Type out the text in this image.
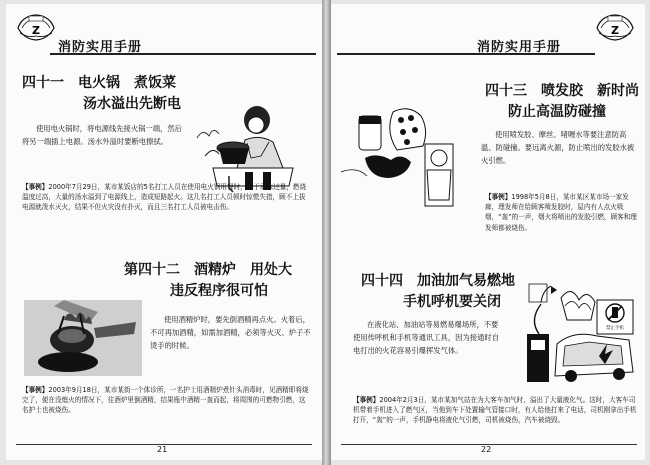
Z
消防实用手册
四十一　电火锅　煮饭菜
汤水溢出先断电

使用电火锅时，将电源线先接火锅一端，然后将另一端插上电源。汤水外溢时要断电擦拭。

【事例】2000年7月29日，某市某饭店的5名打工人员在使用电火锅用餐时，由于添水过量，燃烧温度过高，大量的汤水溢到了电源线上，造成短路起火。这几名打工人员顿时惊慌失措，顾不上拔电源就泼水灭火，结果不但火灾没有扑灭，而且三名打工人员被电击伤。

第四十二　酒精炉　用处大
违反程序很可怕

使用酒精炉时，要先倒酒精再点火。火着后，不可再加酒精，如需加酒精，必须等火灭、炉子不烫手的时候。

【事例】2003年9月18日，某市某街一个体诊所，一名护士用酒精炉煮针头消毒时，见酒精即将烧完了，便在没熄火的情况下，往酒炉里倒酒精，结果瓶中酒精一轰而起，将周围的可燃物引燃，这名护士也被烧伤。

21
消防实用手册
Z
四十三　喷发胶　新时尚
防止高温防碰撞

使用喷发胶、摩丝、啫喱水等要注意防高温、防碰撞。要远离火源，防止喷出的发胶水被火引燃。

【事例】1998年5月8日，某市某区某市场一家发廊，理发师在给顾客喷发胶时，屋内有人点火吸烟，“轰”的一声，烟火将喷出的发胶引燃，顾客和理发师都被烧伤。

四十四　加油加气易燃地
手机呼机要关闭

在液化站、加油站等易燃易爆场所，不要使用传呼机和手机等通讯工具，因为接通时自电打出的火花容易引爆挥发气体。

禁止手机

【事例】2004年2月3日，某市某加气站在为大客车加气时，溢出了大量液化气。这时，大客车司机带着手机进入了燃气区，当他到车下处置输气管接口时，有人给他打来了电话，司机刚拿出手机打开，“轰”的一声，手机静电将液化气引燃，司机被烧伤，汽车被烧毁。

22
